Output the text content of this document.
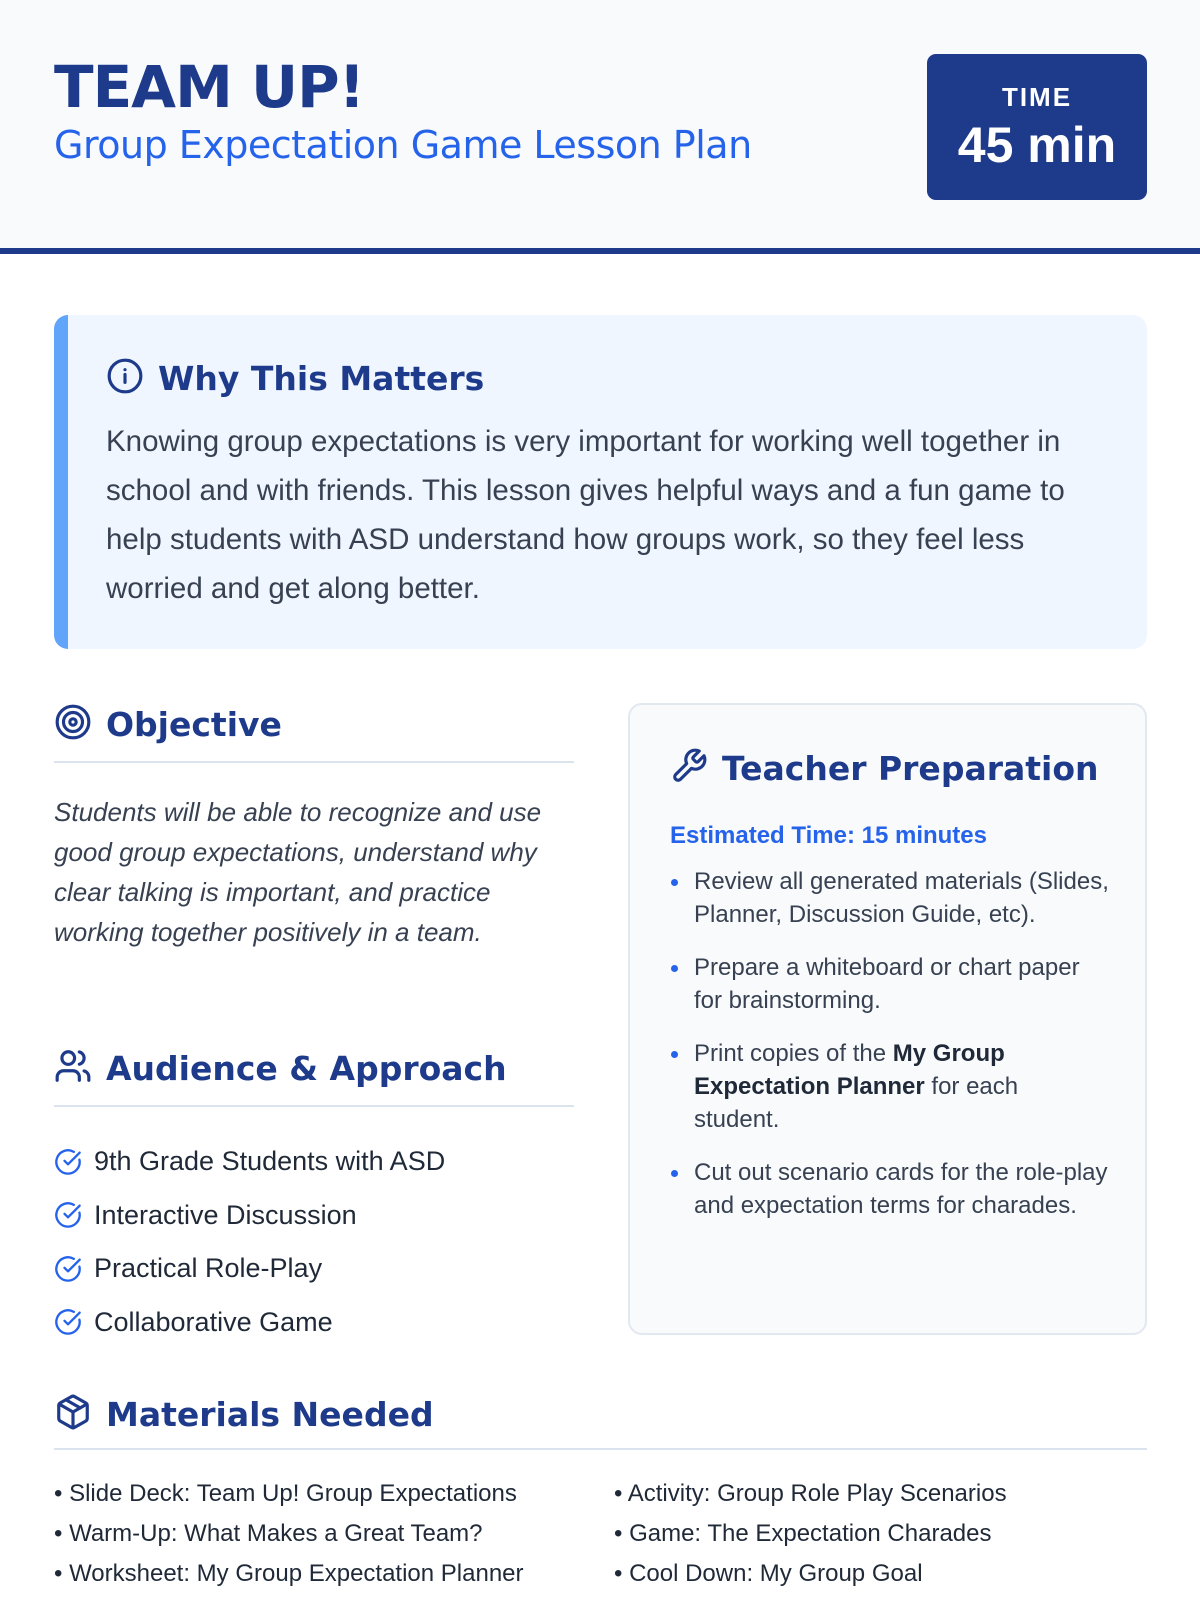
TEAM UP!
Group Expectation Game Lesson Plan
TIME
45 min
Why This Matters

Knowing group expectations is very important for working well together in school and with friends. This lesson gives helpful ways and a fun game to help students with ASD understand how groups work, so they feel less worried and get along better.

Objective

Students will be able to recognize and use good group expectations, understand why clear talking is important, and practice working together positively in a team.

Audience & Approach
9th Grade Students with ASD
Interactive Discussion
Practical Role-Play
Collaborative Game
Teacher Preparation
Estimated Time: 15 minutes
Review all generated materials (Slides, Planner, Discussion Guide, etc).
Prepare a whiteboard or chart paper for brainstorming.
Print copies of the My Group Expectation Planner for each student.
Cut out scenario cards for the role-play and expectation terms for charades.
Materials Needed
• Slide Deck: Team Up! Group Expectations
• Warm-Up: What Makes a Great Team?
• Worksheet: My Group Expectation Planner
• Activity: Group Role Play Scenarios
• Game: The Expectation Charades
• Cool Down: My Group Goal
